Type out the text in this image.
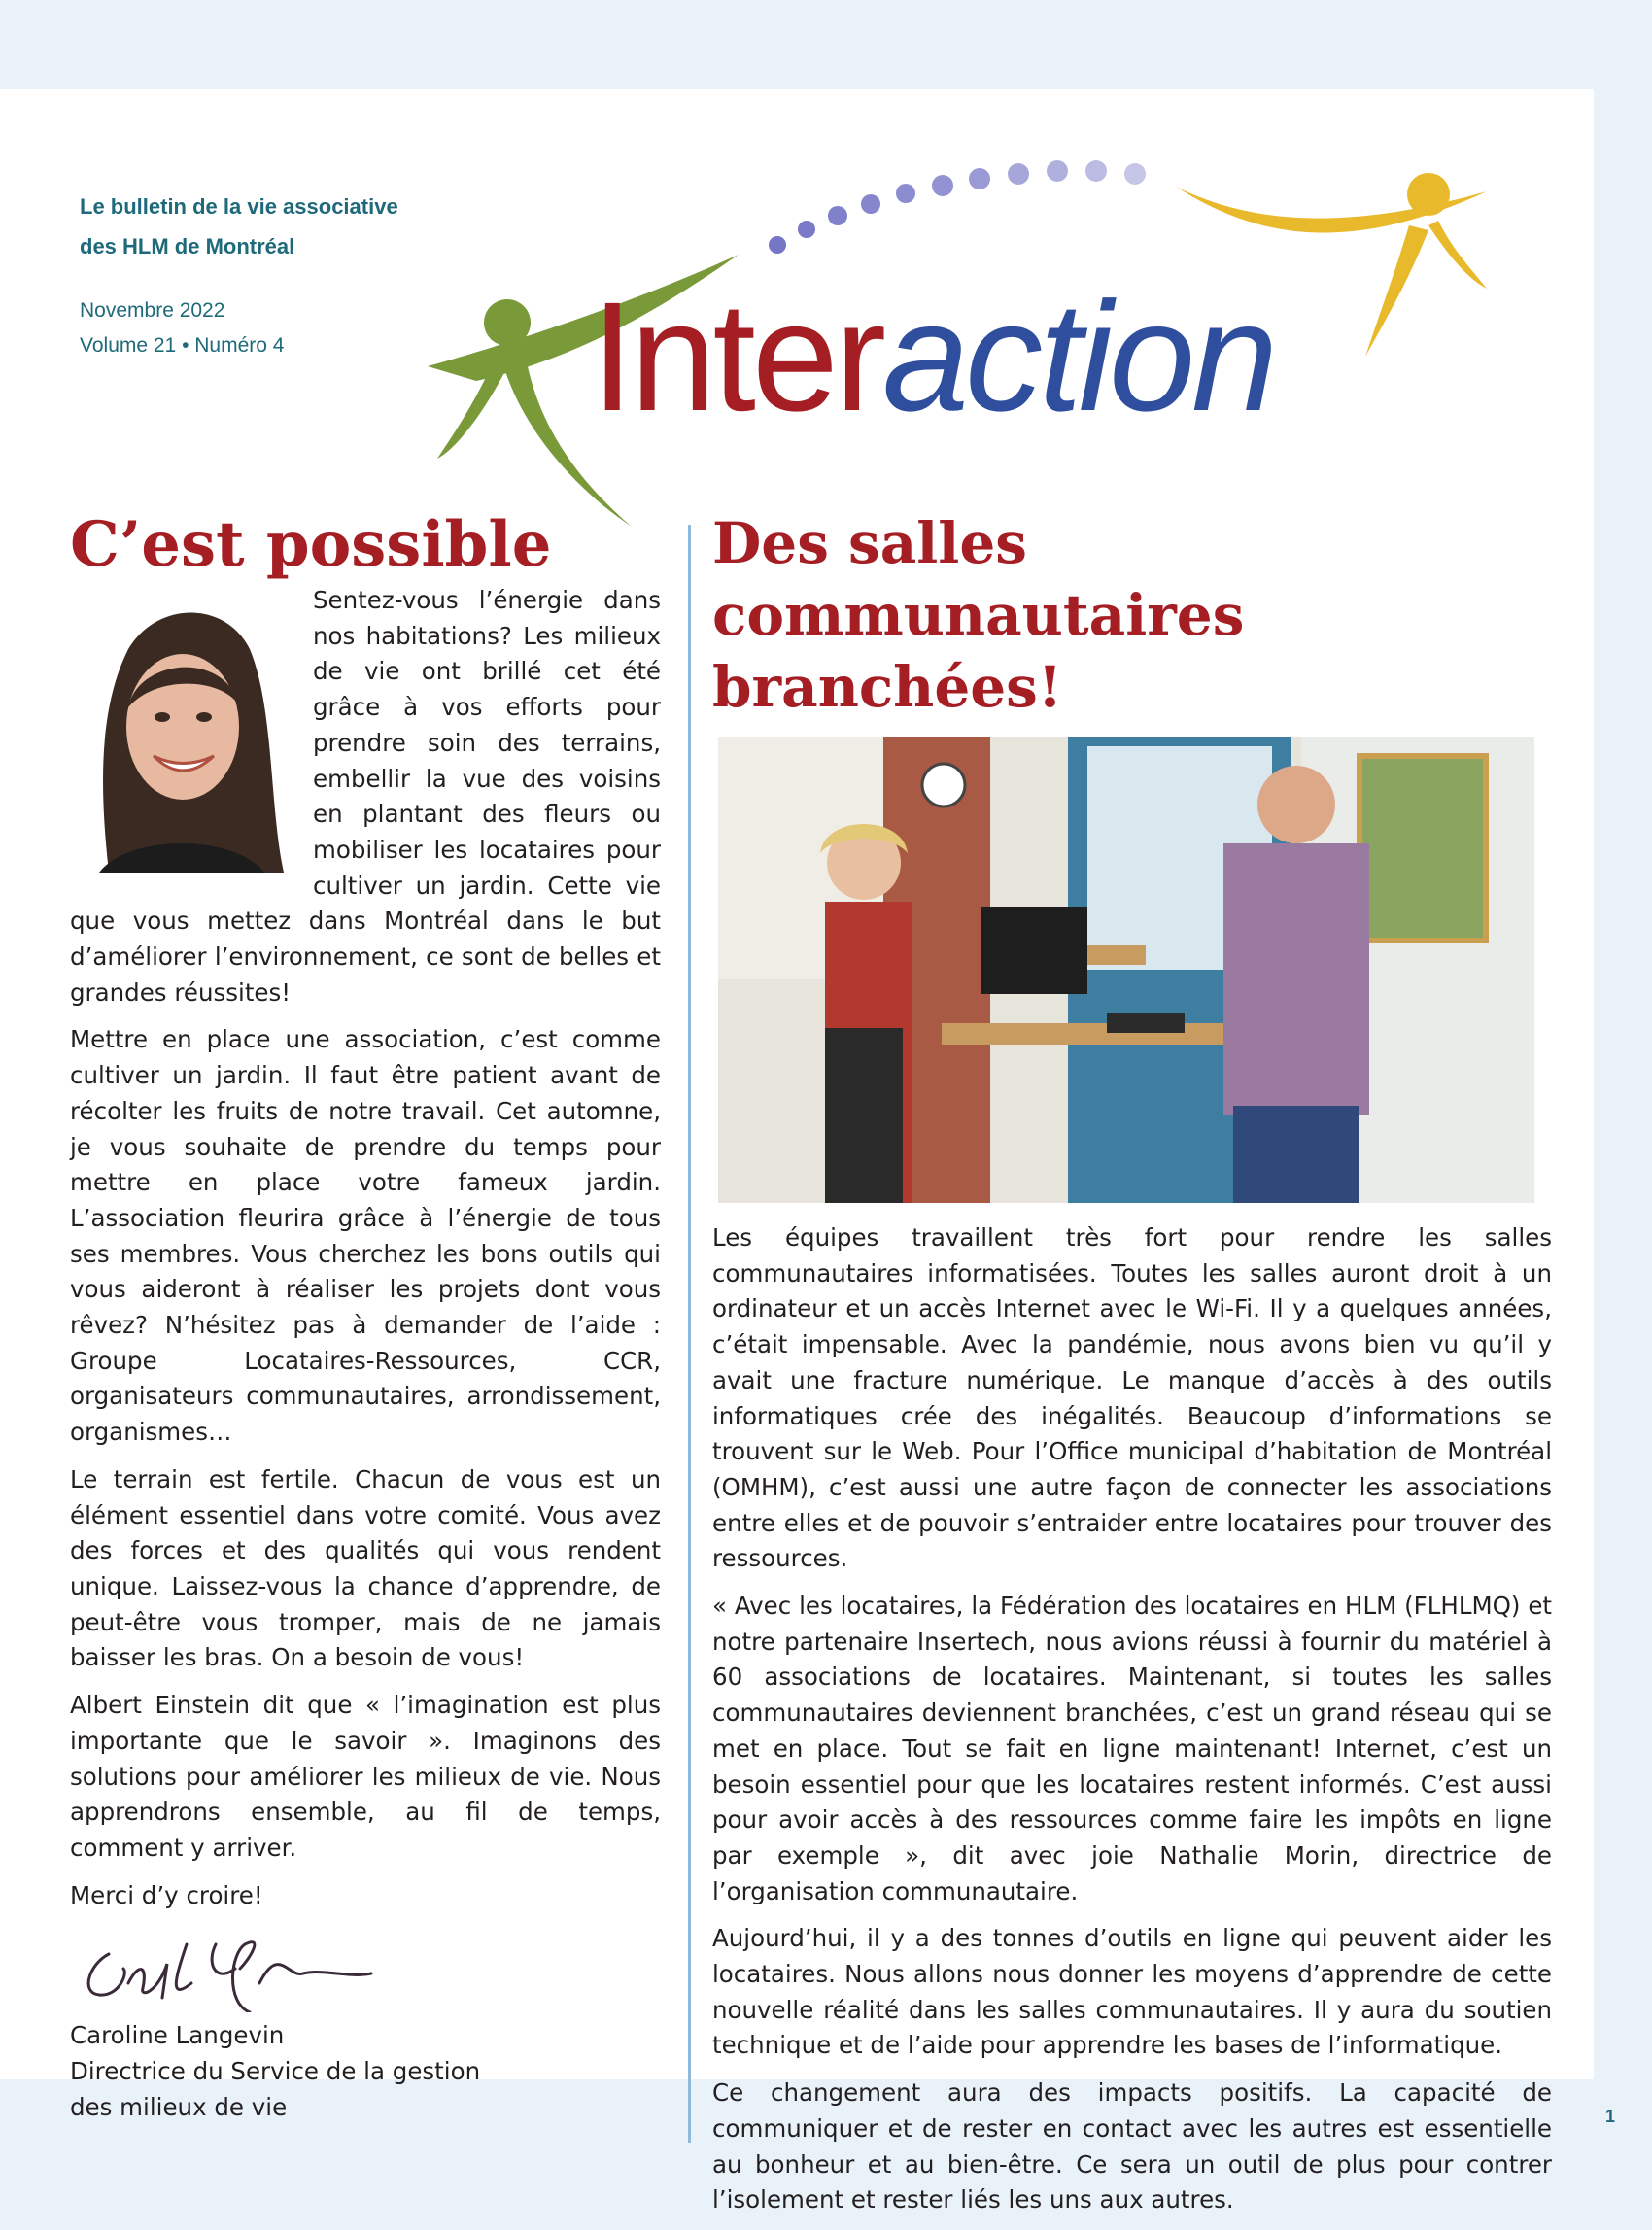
Le bulletin de la vie associative
des HLM de Montréal
Novembre 2022
Volume 21 • Numéro 4	Interaction
C’est possible

Sentez-vous l’énergie dans nos habitations? Les milieux de vie ont brillé cet été grâce à vos efforts pour prendre soin des terrains, embellir la vue des voisins en plantant des fleurs ou mobiliser les locataires pour cultiver un jardin. Cette vie que vous mettez dans Montréal dans le but d’améliorer l’environnement, ce sont de belles et grandes réussites!

Mettre en place une association, c’est comme cultiver un jardin. Il faut être patient avant de récolter les fruits de notre travail. Cet automne, je vous souhaite de prendre du temps pour mettre en place votre fameux jardin. L’association fleurira grâce à l’énergie de tous ses membres. Vous cherchez les bons outils qui vous aideront à réaliser les projets dont vous rêvez? N’hésitez pas à demander de l’aide : Groupe Locataires-Ressources, CCR, organisateurs communautaires, arrondissement, organismes…

Le terrain est fertile. Chacun de vous est un élément essentiel dans votre comité. Vous avez des forces et des qualités qui vous rendent unique. Laissez-vous la chance d’apprendre, de peut-être vous tromper, mais de ne jamais baisser les bras. On a besoin de vous!

Albert Einstein dit que « l’imagination est plus importante que le savoir ». Imaginons des solutions pour améliorer les milieux de vie. Nous apprendrons ensemble, au fil de temps, comment y arriver.

Merci d’y croire!

Caroline Langevin
Directrice du Service de la gestion
des milieux de vie
Des salles communautaires branchées!

Les équipes travaillent très fort pour rendre les salles communautaires informatisées. Toutes les salles auront droit à un ordinateur et un accès Internet avec le Wi-Fi. Il y a quelques années, c’était impensable. Avec la pandémie, nous avons bien vu qu’il y avait une fracture numérique. Le manque d’accès à des outils informatiques crée des inégalités. Beaucoup d’informations se trouvent sur le Web. Pour l’Office municipal d’habitation de Montréal (OMHM), c’est aussi une autre façon de connecter les associations entre elles et de pouvoir s’entraider entre locataires pour trouver des ressources.

« Avec les locataires, la Fédération des locataires en HLM (FLHLMQ) et notre partenaire Insertech, nous avions réussi à fournir du matériel à 60 associations de locataires. Maintenant, si toutes les salles communautaires deviennent branchées, c’est un grand réseau qui se met en place. Tout se fait en ligne maintenant! Internet, c’est un besoin essentiel pour que les locataires restent informés. C’est aussi pour avoir accès à des ressources comme faire les impôts en ligne par exemple », dit avec joie Nathalie Morin, directrice de l’organisation communautaire.

Aujourd’hui, il y a des tonnes d’outils en ligne qui peuvent aider les locataires. Nous allons nous donner les moyens d’apprendre de cette nouvelle réalité dans les salles communautaires. Il y aura du soutien technique et de l’aide pour apprendre les bases de l’informatique.

Ce changement aura des impacts positifs. La capacité de communiquer et de rester en contact avec les autres est essentielle au bonheur et au bien-être. Ce sera un outil de plus pour contrer l’isolement et rester liés les uns aux autres.

1
